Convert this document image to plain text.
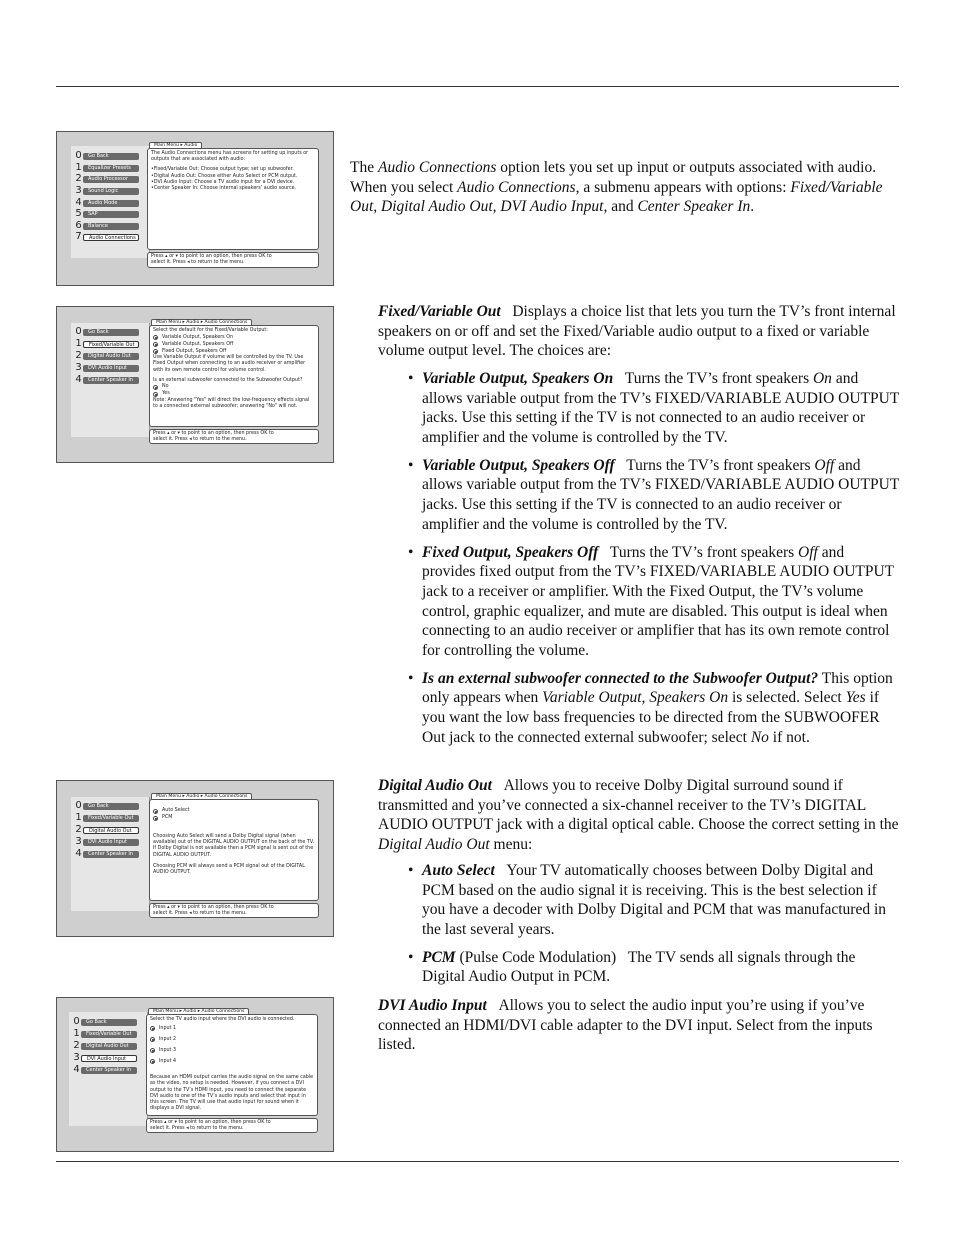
0	Go Back
1	Equalizer Presets
2	Audio Processor
3	Sound Logic
4	Audio Mode
5	SAP
6	Balance
7	Audio Connections
Main Menu ▸ Audio
The Audio Connections menu has screens for setting up inputs or outputs that are associated with audio:
•Fixed/Variable Out: Choose output type; set up subwoofer.
•Digital Audio Out: Choose either Auto Select or PCM output.
•DVI Audio Input: Choose a TV audio input for a DVI device.
•Center Speaker In: Choose internal speakers’ audio source.
Press ▴ or ▾ to point to an option, then press OK to
select it. Press ◂ to return to the menu.
0	Go Back
1	Fixed/Variable Out
2	Digital Audio Out
3	DVI Audio Input
4	Center Speaker In
Main Menu ▸ Audio ▸ Audio Connections
Select the default for the Fixed/Variable Output:
Variable Output, Speakers On
Variable Output, Speakers Off
Fixed Output, Speakers Off
Use Variable Output if volume will be controlled by the TV. Use Fixed Output when connecting to an audio receiver or amplifier with its own remote control for volume control.
Is an external subwoofer connected to the Subwoofer Output?
No
Yes
Note: Answering "Yes" will direct the low-frequency effects signal to a connected external subwoofer; answering "No" will not.
Press ▴ or ▾ to point to an option, then press OK to
select it. Press ◂ to return to the menu.
0	Go Back
1	Fixed/Variable Out
2	Digital Audio Out
3	DVI Audio Input
4	Center Speaker In
Main Menu ▸ Audio ▸ Audio Connections
Auto Select
PCM
Choosing Auto Select will send a Dolby Digital signal (when available) out of the DIGITAL AUDIO OUTPUT on the back of the TV. If Dolby Digital is not available then a PCM signal is sent out of the DIGITAL AUDIO OUTPUT.
Choosing PCM will always send a PCM signal out of the DIGITAL AUDIO OUTPUT.
Press ▴ or ▾ to point to an option, then press OK to
select it. Press ◂ to return to the menu.
0	Go Back
1	Fixed/Variable Out
2	Digital Audio Out
3	DVI Audio Input
4	Center Speaker In
Main Menu ▸ Audio ▸ Audio Connections
Select the TV audio input where the DVI audio is connected.
Input 1
Input 2
Input 3
Input 4
Because an HDMI output carries the audio signal on the same cable as the video, no setup is needed. However, if you connect a DVI output to the TV’s HDMI input, you need to connect the separate DVI audio to one of the TV’s audio inputs and select that input in this screen. The TV will use that audio input for sound when it displays a DVI signal.
Press ▴ or ▾ to point to an option, then press OK to
select it. Press ◂ to return to the menu.
The Audio Connections option lets you set up input or outputs associated with audio. When you select Audio Connections, a submenu appears with options: Fixed/Variable Out, Digital Audio Out, DVI Audio Input, and Center Speaker In.
Fixed/Variable Out Displays a choice list that lets you turn the TV’s front internal speakers on or off and set the Fixed/Variable audio output to a fixed or variable volume output level. The choices are:
• Variable Output, Speakers On Turns the TV’s front speakers On and allows variable output from the TV’s FIXED/VARIABLE AUDIO OUTPUT jacks. Use this setting if the TV is not connected to an audio receiver or amplifier and the volume is controlled by the TV.
• Variable Output, Speakers Off Turns the TV’s front speakers Off and allows variable output from the TV’s FIXED/VARIABLE AUDIO OUTPUT jacks. Use this setting if the TV is connected to an audio receiver or amplifier and the volume is controlled by the TV.
• Fixed Output, Speakers Off Turns the TV’s front speakers Off and provides fixed output from the TV’s FIXED/VARIABLE AUDIO OUTPUT jack to a receiver or amplifier. With the Fixed Output, the TV’s volume control, graphic equalizer, and mute are disabled. This output is ideal when connecting to an audio receiver or amplifier that has its own remote control for controlling the volume.
• Is an external subwoofer connected to the Subwoofer Output? This option only appears when Variable Output, Speakers On is selected. Select Yes if you want the low bass frequencies to be directed from the SUBWOOFER Out jack to the connected external subwoofer; select No if not.
Digital Audio Out Allows you to receive Dolby Digital surround sound if transmitted and you’ve connected a six-channel receiver to the TV’s DIGITAL AUDIO OUTPUT jack with a digital optical cable. Choose the correct setting in the Digital Audio Out menu:
• Auto Select Your TV automatically chooses between Dolby Digital and PCM based on the audio signal it is receiving. This is the best selection if you have a decoder with Dolby Digital and PCM that was manufactured in the last several years.
• PCM (Pulse Code Modulation) The TV sends all signals through the Digital Audio Output in PCM.
DVI Audio Input Allows you to select the audio input you’re using if you’ve connected an HDMI/DVI cable adapter to the DVI input. Select from the inputs listed.
